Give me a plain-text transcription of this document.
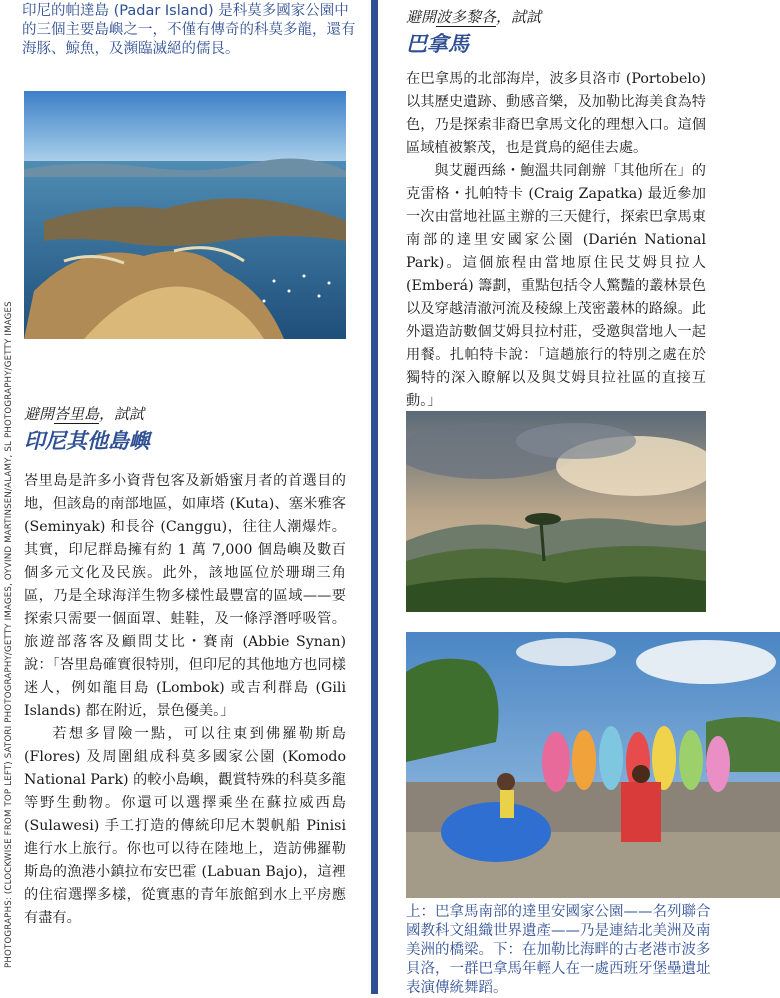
印尼的帕達島 (Padar Island) 是科莫多國家公園中的三個主要島嶼之一，不僅有傳奇的科莫多龍，還有海豚、鯨魚，及瀕臨滅絕的儒艮。
PHOTOGRAPHS: (CLOCKWISE FROM TOP LEFT) SATORI PHOTOGRAPHY/GETTY IMAGES, OYVIND MARTINSEN/ALAMY, SL PHOTOGRAPHY/GETTY IMAGES 避開峇里島，試試
印尼其他島嶼

峇里島是許多小資背包客及新婚蜜月者的首選目的地，但該島的南部地區，如庫塔 (Kuta)、塞米雅客 (Seminyak) 和長谷 (Canggu)，往往人潮爆炸。其實，印尼群島擁有約 1 萬 7,000 個島嶼及數百個多元文化及民族。此外，該地區位於珊瑚三角區，乃是全球海洋生物多樣性最豐富的區域——要探索只需要一個面罩、蛙鞋，及一條浮潛呼吸管。旅遊部落客及顧問艾比・賽南 (Abbie Synan) 說：「峇里島確實很特別，但印尼的其他地方也同樣迷人，例如龍目島 (Lombok) 或吉利群島 (Gili Islands) 都在附近，景色優美。」

若想多冒險一點，可以往東到佛羅勒斯島 (Flores) 及周圍組成科莫多國家公園 (Komodo National Park) 的較小島嶼，觀賞特殊的科莫多龍等野生動物。你還可以選擇乘坐在蘇拉威西島 (Sulawesi) 手工打造的傳統印尼木製帆船 Pinisi 進行水上旅行。你也可以待在陸地上，造訪佛羅勒斯島的漁港小鎮拉布安巴霍 (Labuan Bajo)，這裡的住宿選擇多樣，從實惠的青年旅館到水上平房應有盡有。

避開波多黎各，試試
巴拿馬

在巴拿馬的北部海岸，波多貝洛市 (Portobelo) 以其歷史遺跡、動感音樂，及加勒比海美食為特色，乃是探索非裔巴拿馬文化的理想入口。這個區域植被繁茂，也是賞鳥的絕佳去處。

與艾麗西絲・鮑溫共同創辦「其他所在」的克雷格・扎帕特卡 (Craig Zapatka) 最近參加一次由當地社區主辦的三天健行，探索巴拿馬東南部的達里安國家公園 (Darién National Park)。這個旅程由當地原住民艾姆貝拉人 (Emberá) 籌劃，重點包括令人驚豔的叢林景色以及穿越清澈河流及稜線上茂密叢林的路線。此外還造訪數個艾姆貝拉村莊，受邀與當地人一起用餐。扎帕特卡說：「這趟旅行的特別之處在於獨特的深入瞭解以及與艾姆貝拉社區的直接互動。」

上：巴拿馬南部的達里安國家公園——名列聯合國教科文組織世界遺產——乃是連結北美洲及南美洲的橋梁。下：在加勒比海畔的古老港市波多貝洛，一群巴拿馬年輕人在一處西班牙堡壘遺址表演傳統舞蹈。
